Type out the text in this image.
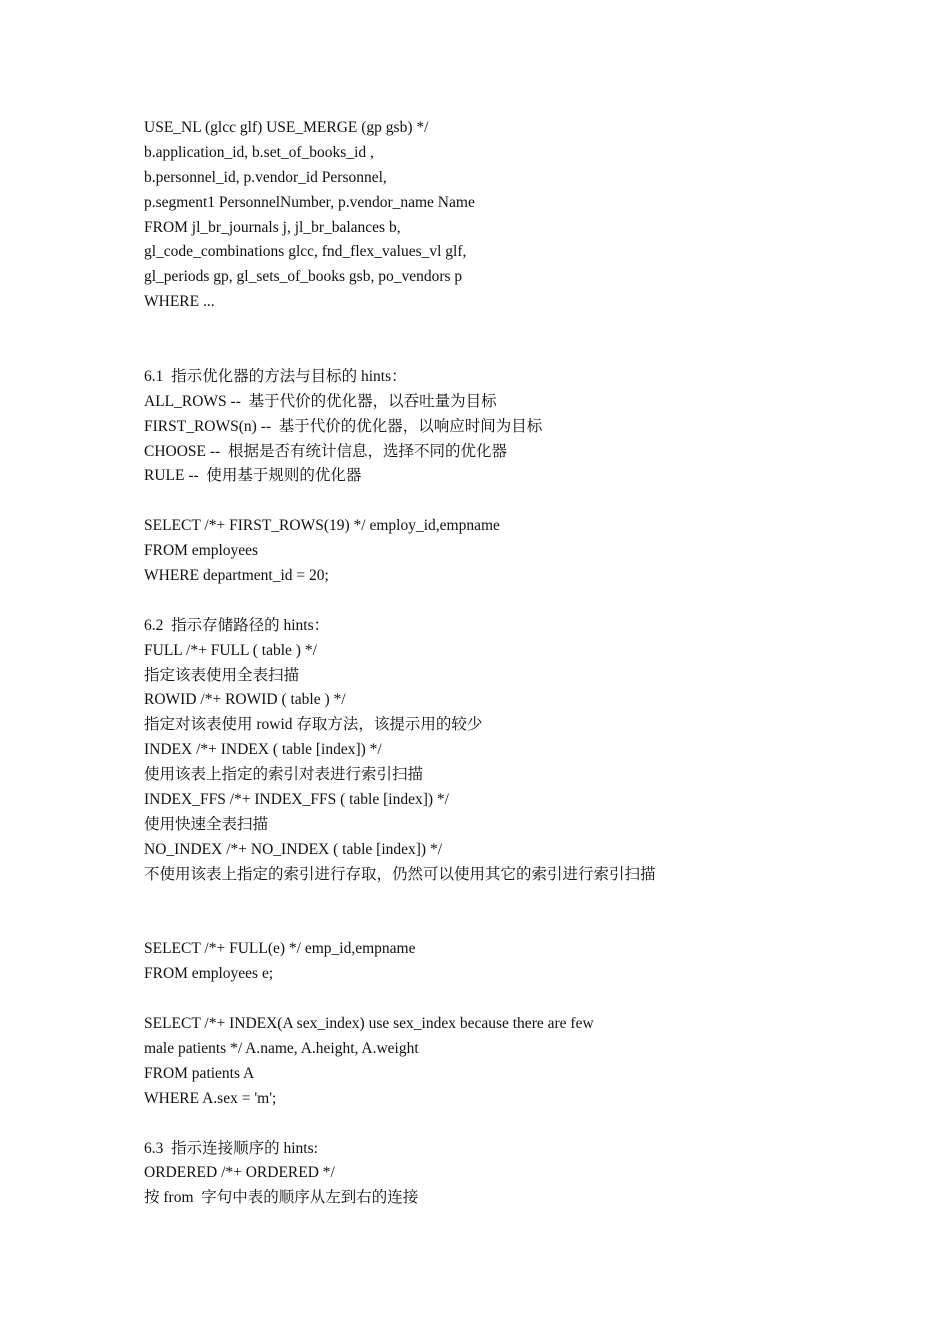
USE_NL (glcc glf) USE_MERGE (gp gsb) */
b.application_id, b.set_of_books_id ,
b.personnel_id, p.vendor_id Personnel,
p.segment1 PersonnelNumber, p.vendor_name Name
FROM jl_br_journals j, jl_br_balances b,
gl_code_combinations glcc, fnd_flex_values_vl glf,
gl_periods gp, gl_sets_of_books gsb, po_vendors p
WHERE ...
6.1  指示优化器的方法与目标的 hints：
ALL_ROWS --  基于代价的优化器，以吞吐量为目标
FIRST_ROWS(n) --  基于代价的优化器，以响应时间为目标
CHOOSE --  根据是否有统计信息，选择不同的优化器
RULE --  使用基于规则的优化器
SELECT /*+ FIRST_ROWS(19) */ employ_id,empname
FROM employees
WHERE department_id = 20;
6.2  指示存储路径的 hints：
FULL /*+ FULL ( table ) */
指定该表使用全表扫描
ROWID /*+ ROWID ( table ) */
指定对该表使用 rowid 存取方法，该提示用的较少
INDEX /*+ INDEX ( table [index]) */
使用该表上指定的索引对表进行索引扫描
INDEX_FFS /*+ INDEX_FFS ( table [index]) */
使用快速全表扫描
NO_INDEX /*+ NO_INDEX ( table [index]) */
不使用该表上指定的索引进行存取，仍然可以使用其它的索引进行索引扫描
SELECT /*+ FULL(e) */ emp_id,empname
FROM employees e;
SELECT /*+ INDEX(A sex_index) use sex_index because there are few
male patients */ A.name, A.height, A.weight
FROM patients A
WHERE A.sex = 'm';
6.3  指示连接顺序的 hints:
ORDERED /*+ ORDERED */
按 from  字句中表的顺序从左到右的连接
